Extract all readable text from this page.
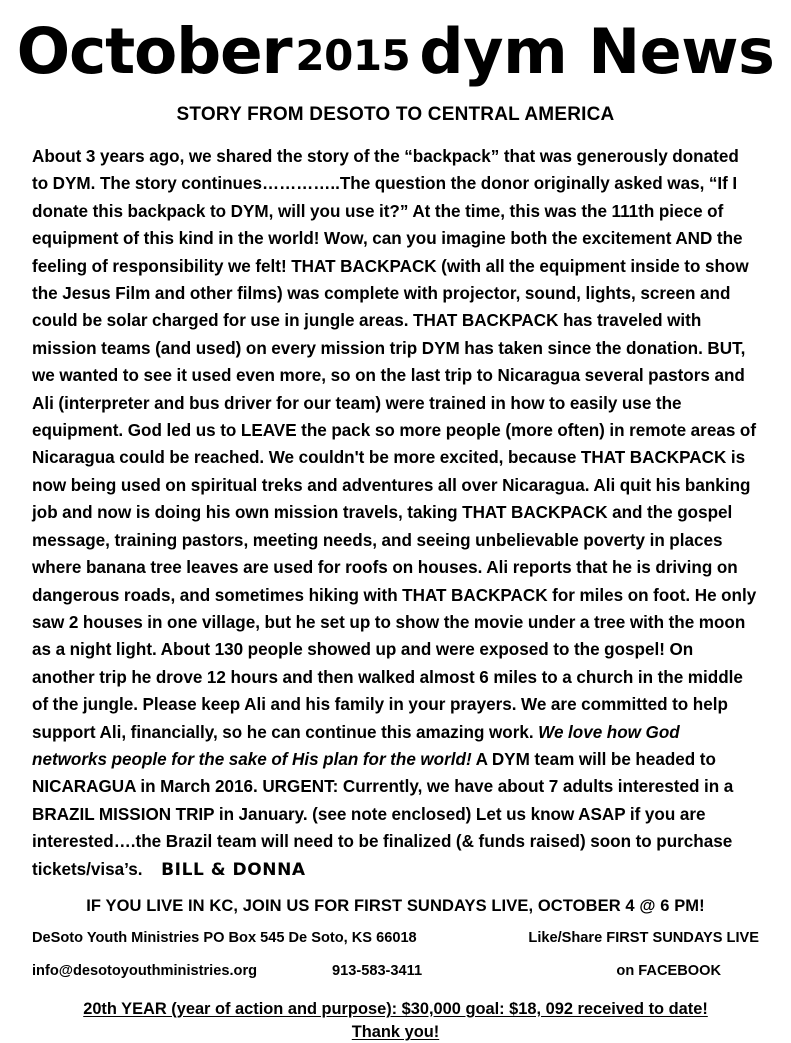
October2015 dym News
STORY FROM DESOTO TO CENTRAL AMERICA
About 3 years ago, we shared the story of the “backpack” that was generously donated to DYM. The story continues…………..The question the donor originally asked was, “If I donate this backpack to DYM, will you use it?” At the time, this was the 111th piece of equipment of this kind in the world! Wow, can you imagine both the excitement AND the feeling of responsibility we felt! THAT BACKPACK (with all the equipment inside to show the Jesus Film and other films) was complete with projector, sound, lights, screen and could be solar charged for use in jungle areas. THAT BACKPACK has traveled with mission teams (and used) on every mission trip DYM has taken since the donation. BUT, we wanted to see it used even more, so on the last trip to Nicaragua several pastors and Ali (interpreter and bus driver for our team) were trained in how to easily use the equipment. God led us to LEAVE the pack so more people (more often) in remote areas of Nicaragua could be reached. We couldn't be more excited, because THAT BACKPACK is now being used on spiritual treks and adventures all over Nicaragua. Ali quit his banking job and now is doing his own mission travels, taking THAT BACKPACK and the gospel message, training pastors, meeting needs, and seeing unbelievable poverty in places where banana tree leaves are used for roofs on houses. Ali reports that he is driving on dangerous roads, and sometimes hiking with THAT BACKPACK for miles on foot. He only saw 2 houses in one village, but he set up to show the movie under a tree with the moon as a night light. About 130 people showed up and were exposed to the gospel! On another trip he drove 12 hours and then walked almost 6 miles to a church in the middle of the jungle. Please keep Ali and his family in your prayers. We are committed to help support Ali, financially, so he can continue this amazing work. We love how God networks people for the sake of His plan for the world! A DYM team will be headed to NICARAGUA in March 2016. URGENT: Currently, we have about 7 adults interested in a BRAZIL MISSION TRIP in January. (see note enclosed) Let us know ASAP if you are interested….the Brazil team will need to be finalized (& funds raised) soon to purchase tickets/visa’s. BILL & DONNA
IF YOU LIVE IN KC, JOIN US FOR FIRST SUNDAYS LIVE, OCTOBER 4 @ 6 PM!
DeSoto Youth Ministries PO Box 545 De Soto, KS 66018	Like/Share FIRST SUNDAYS LIVE
info@desotoyouthministries.org	913-583-3411	on FACEBOOK
20th YEAR (year of action and purpose): $30,000 goal: $18, 092 received to date!
Thank you!
